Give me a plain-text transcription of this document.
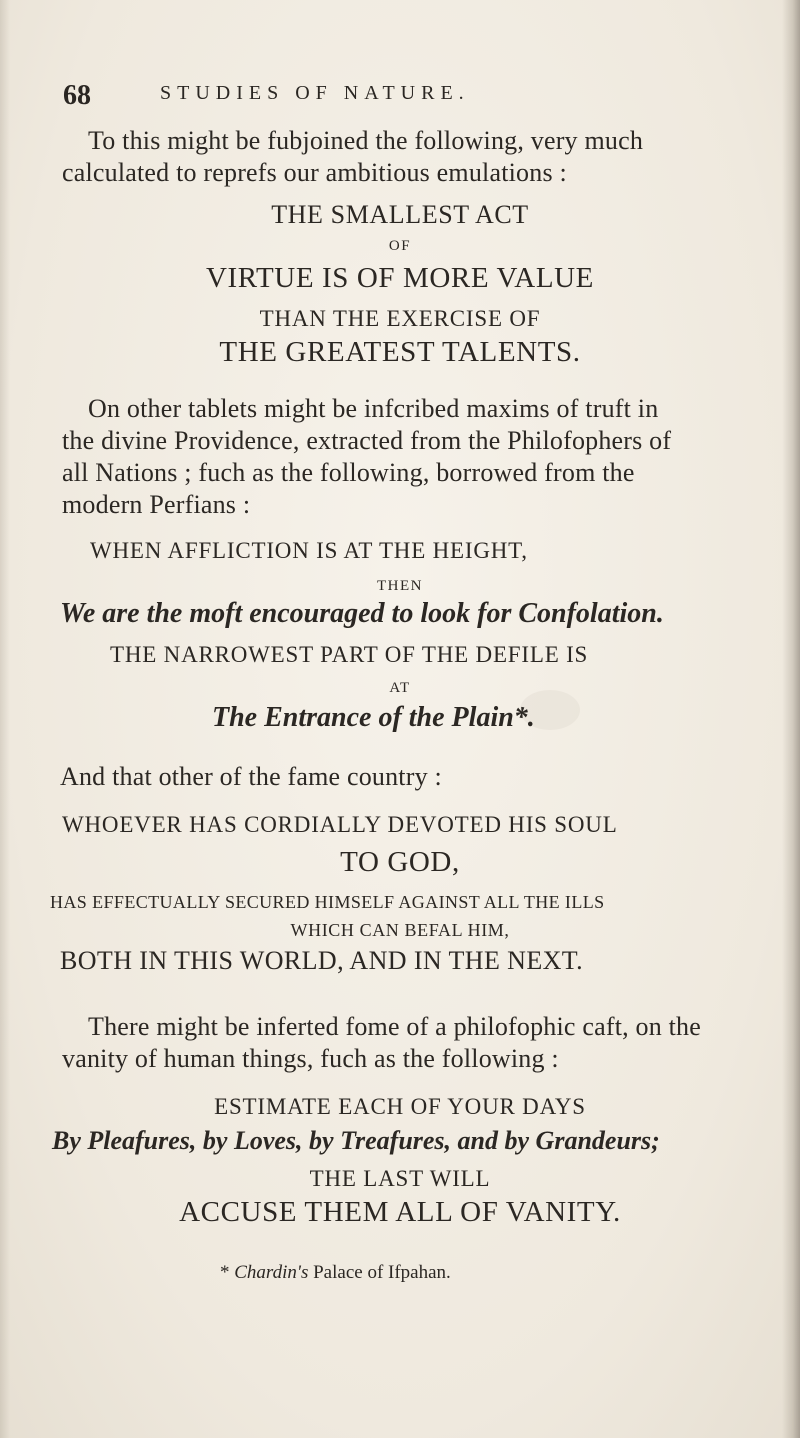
68	STUDIES OF NATURE.
To this might be fubjoined the following, very much
calculated to reprefs our ambitious emulations :
THE SMALLEST ACT
OF
VIRTUE IS OF MORE VALUE
THAN THE EXERCISE OF
THE GREATEST TALENTS.
On other tablets might be infcribed maxims of truft in
the divine Providence, extracted from the Philofophers of
all Nations ; fuch as the following, borrowed from the
modern Perfians :
WHEN AFFLICTION IS AT THE HEIGHT,
THEN
We are the moft encouraged to look for Confolation.
THE NARROWEST PART OF THE DEFILE IS
AT
The Entrance of the Plain*.
And that other of the fame country :
WHOEVER HAS CORDIALLY DEVOTED HIS SOUL
TO GOD,
HAS EFFECTUALLY SECURED HIMSELF AGAINST ALL THE ILLS
WHICH CAN BEFAL HIM,
BOTH IN THIS WORLD, AND IN THE NEXT.
There might be inferted fome of a philofophic caft, on the
vanity of human things, fuch as the following :
ESTIMATE EACH OF YOUR DAYS
By Pleafures, by Loves, by Treafures, and by Grandeurs;
THE LAST WILL
ACCUSE THEM ALL OF VANITY.
* Chardin's Palace of Ifpahan.
